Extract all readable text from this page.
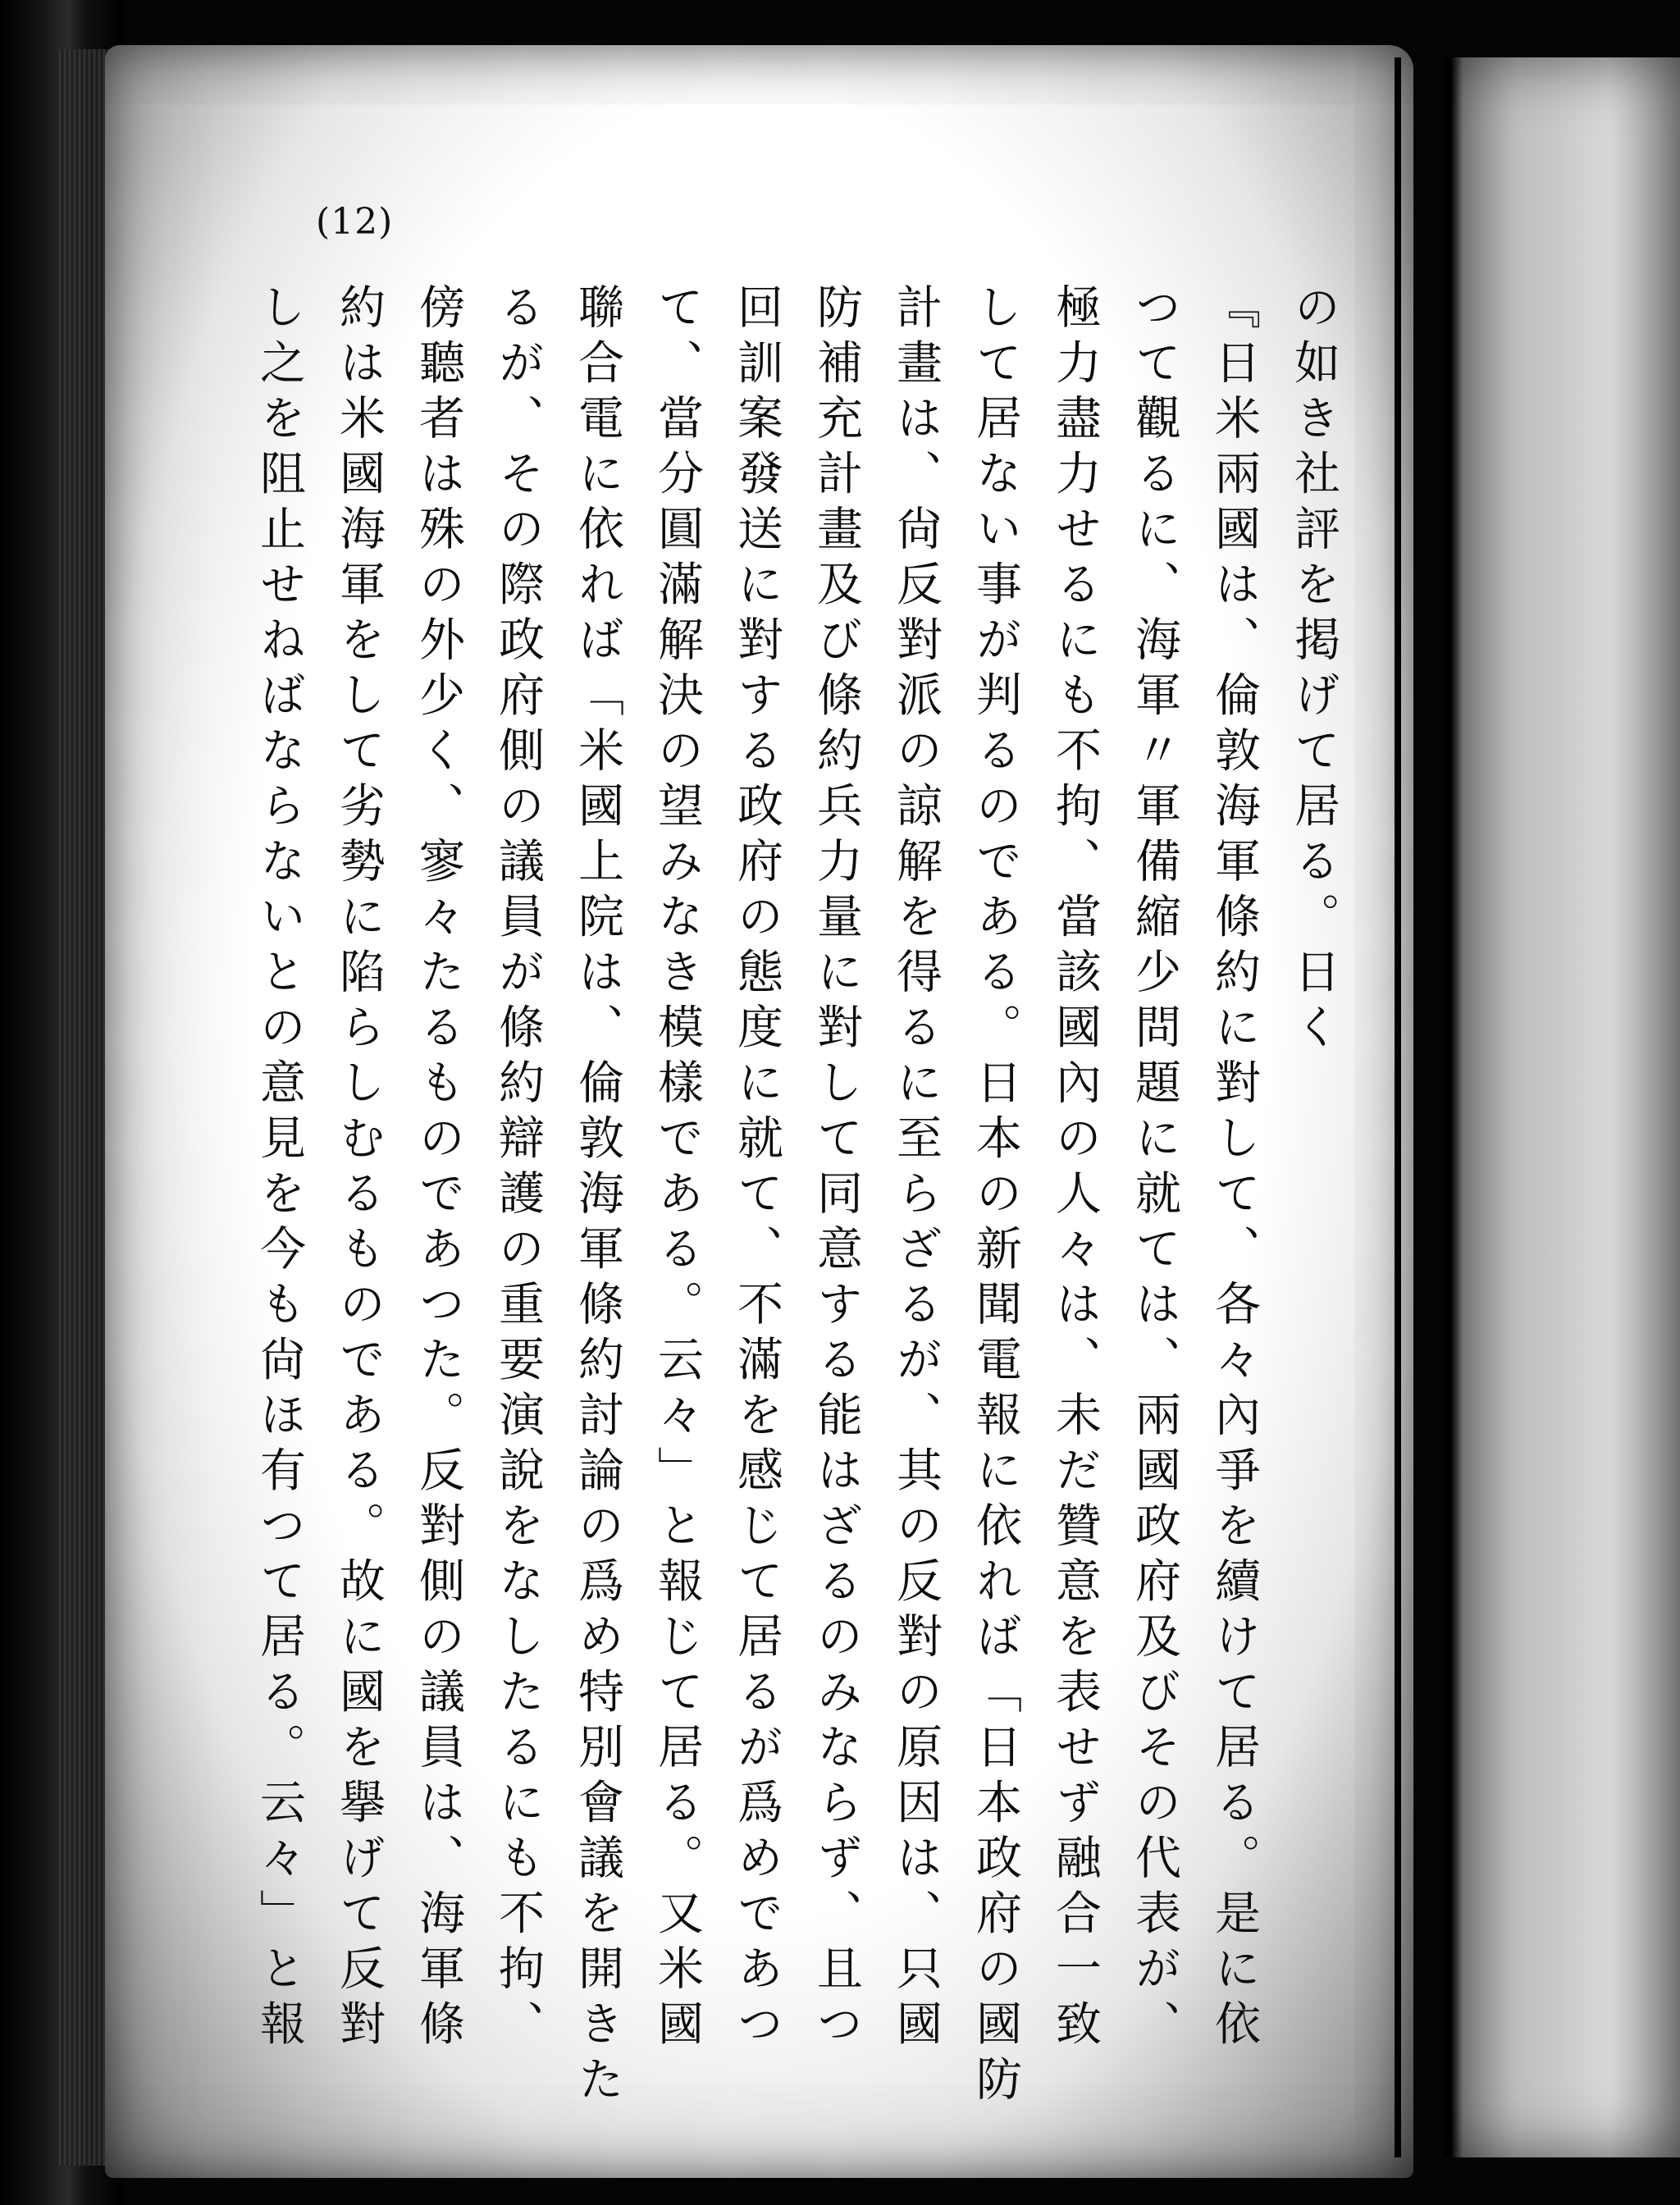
(12)
の如き社評を掲げて居る。日く
『日米兩國は、倫敦海軍條約に對して、各々內爭を續けて居る。是に依
つて觀るに、海軍〃軍備縮少問題に就ては、兩國政府及びその代表が、
極力盡力せるにも不拘、當該國內の人々は、未だ贊意を表せず融合一致
して居ない事が判るのである。日本の新聞電報に依れば「日本政府の國防
計畫は、尙反對派の諒解を得るに至らざるが、其の反對の原因は、只國
防補充計畫及び條約兵力量に對して同意する能はざるのみならず、且つ
回訓案發送に對する政府の態度に就て、不滿を感じて居るが爲めであつ
て、當分圓滿解決の望みなき模樣である。云々」と報じて居る。又米國
聯合電に依れば「米國上院は、倫敦海軍條約討論の爲め特別會議を開きた
るが、その際政府側の議員が條約辯護の重要演說をなしたるにも不拘、
傍聽者は殊の外少く、寥々たるものであつた。反對側の議員は、海軍條
約は米國海軍をして劣勢に陷らしむるものである。故に國を擧げて反對
し之を阻止せねばならないとの意見を今も尙ほ有つて居る。云々」と報
